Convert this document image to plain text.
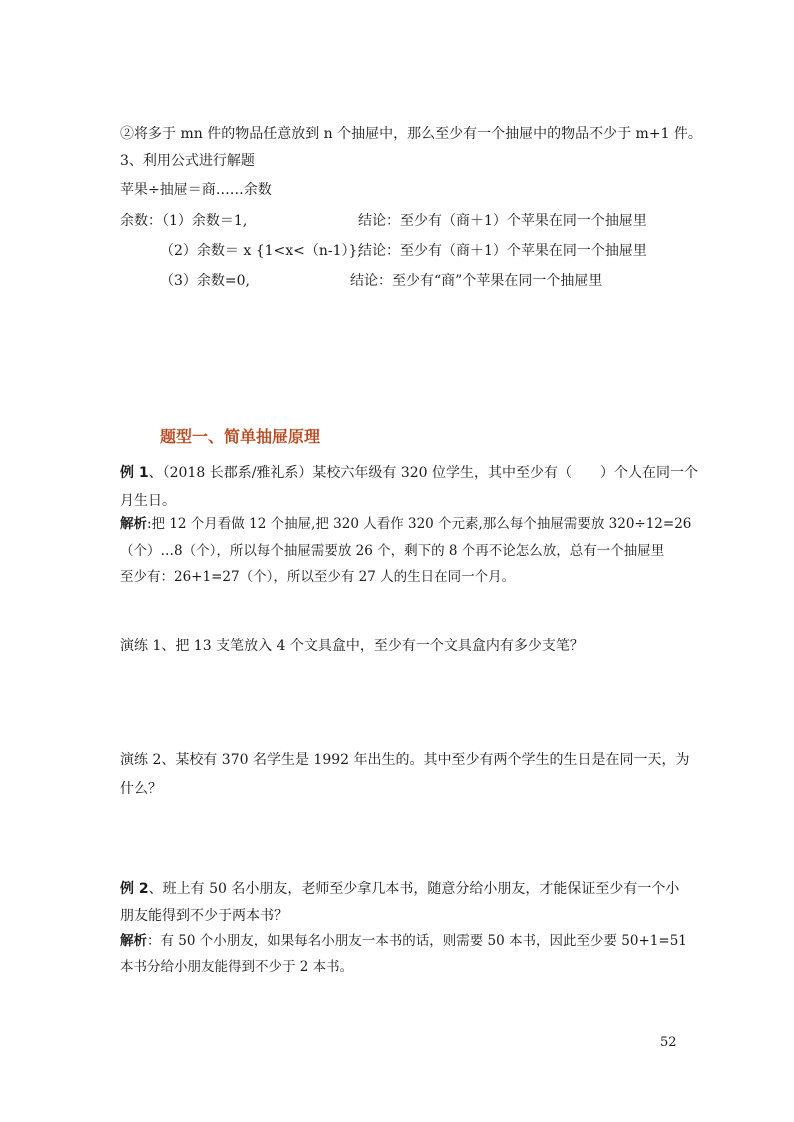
②将多于 mn 件的物品任意放到 n 个抽屉中，那么至少有一个抽屉中的物品不少于 m+1 件。
3、利用公式进行解题
苹果÷抽屉＝商……余数
余数：（1）余数＝1,	结论：至少有（商＋1）个苹果在同一个抽屉里
（2）余数＝ x {1<x<（n-1）},
结论：至少有（商＋1）个苹果在同一个抽屉里
（3）余数=0,	结论：至少有“商”个苹果在同一个抽屉里
题型一、简单抽屉原理
例 1、（2018 长郡系/雅礼系）某校六年级有 320 位学生，其中至少有（　　）个人在同一个
月生日。
解析:把 12 个月看做 12 个抽屉,把 320 人看作 320 个元素,那么每个抽屉需要放 320÷12=26
（个）…8（个），所以每个抽屉需要放 26 个，剩下的 8 个再不论怎么放，总有一个抽屉里
至少有：26+1=27（个），所以至少有 27 人的生日在同一个月。
演练 1、把 13 支笔放入 4 个文具盒中，至少有一个文具盒内有多少支笔？
演练 2、某校有 370 名学生是 1992 年出生的。其中至少有两个学生的生日是在同一天，为
什么？
例 2、班上有 50 名小朋友，老师至少拿几本书，随意分给小朋友，才能保证至少有一个小
朋友能得到不少于两本书？
解析：有 50 个小朋友，如果每名小朋友一本书的话，则需要 50 本书，因此至少要 50+1=51
本书分给小朋友能得到不少于 2 本书。
52
